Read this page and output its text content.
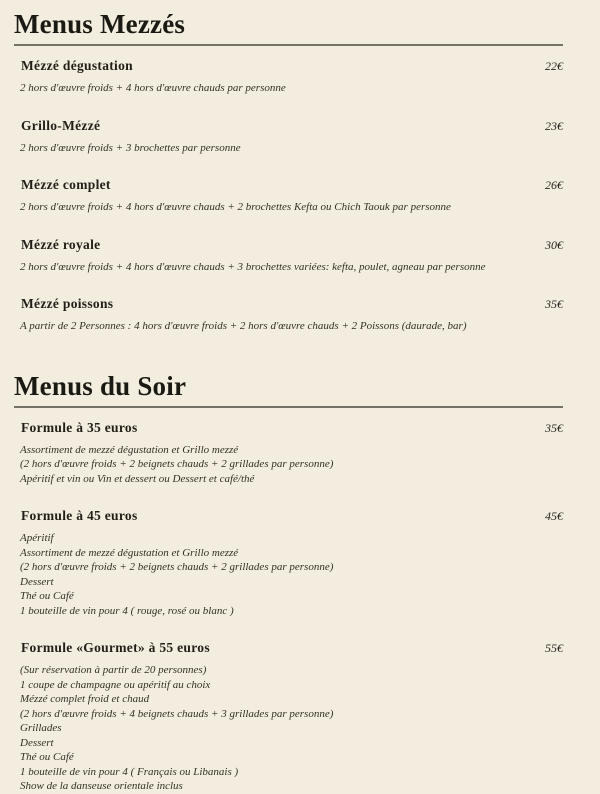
Menus Mezzés
Mézzé dégustation	22€

2 hors d'œuvre froids + 4 hors d'œuvre chauds par personne

Grillo-Mézzé	23€

2 hors d'œuvre froids + 3 brochettes par personne

Mézzé complet	26€

2 hors d'œuvre froids + 4 hors d'œuvre chauds + 2 brochettes Kefta ou Chich Taouk par personne

Mézzé royale	30€

2 hors d'œuvre froids + 4 hors d'œuvre chauds + 3 brochettes variées: kefta, poulet, agneau par personne

Mézzé poissons	35€

A partir de 2 Personnes : 4 hors d'œuvre froids + 2 hors d'œuvre chauds + 2 Poissons (daurade, bar)

Menus du Soir
Formule à 35 euros	35€

Assortiment de mezzé dégustation et Grillo mezzé

(2 hors d'œuvre froids + 2 beignets chauds + 2 grillades par personne)

Apéritif et vin ou Vin et dessert ou Dessert et café/thé

Formule à 45 euros	45€

Apéritif

Assortiment de mezzé dégustation et Grillo mezzé

(2 hors d'œuvre froids + 2 beignets chauds + 2 grillades par personne)

Dessert

Thé ou Café

1 bouteille de vin pour 4 ( rouge, rosé ou blanc )

Formule «Gourmet» à 55 euros	55€

(Sur réservation à partir de 20 personnes)

1 coupe de champagne ou apéritif au choix

Mézzé complet froid et chaud

(2 hors d'œuvre froids + 4 beignets chauds + 3 grillades par personne)

Grillades

Dessert

Thé ou Café

1 bouteille de vin pour 4 ( Français ou Libanais )

Show de la danseuse orientale inclus
